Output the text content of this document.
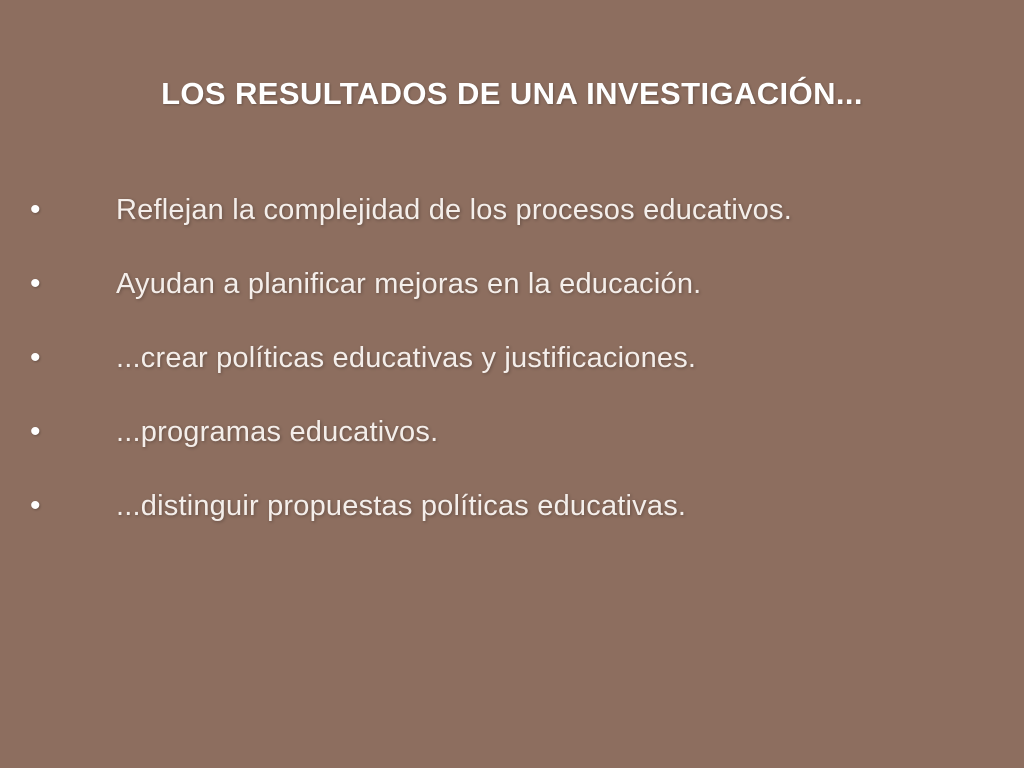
LOS RESULTADOS DE UNA INVESTIGACIÓN...
•	Reflejan la complejidad de los procesos educativos.
•	Ayudan a planificar mejoras en la educación.
•	...crear políticas educativas y justificaciones.
•	...programas educativos.
•	...distinguir propuestas políticas educativas.
